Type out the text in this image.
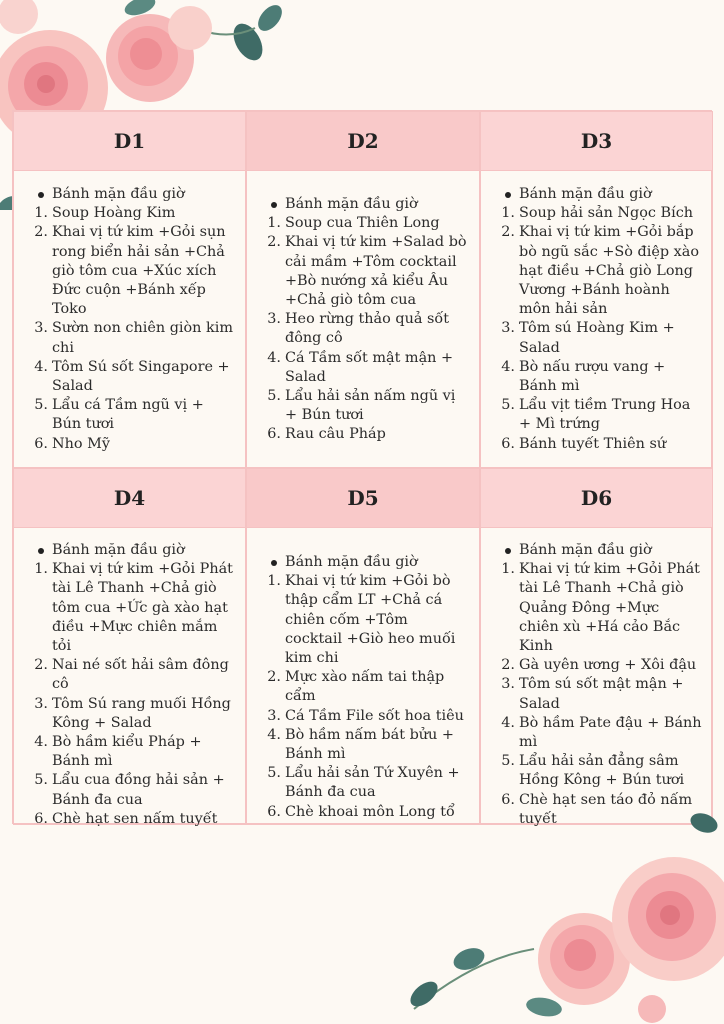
D1
Bánh mặn đầu giờ
Soup Hoàng Kim
Khai vị tứ kim +Gỏi sụn rong biển hải sản +Chả giò tôm cua +Xúc xích Đức cuộn +Bánh xếp Toko
Sườn non chiên giòn kim chi
Tôm Sú sốt Singapore + Salad
Lẩu cá Tầm ngũ vị + Bún tươi
Nho Mỹ
D2
Bánh mặn đầu giờ
Soup cua Thiên Long
Khai vị tứ kim +Salad bò cải mầm +Tôm cocktail +Bò nướng xả kiểu Âu +Chả giò tôm cua
Heo rừng thảo quả sốt đông cô
Cá Tầm sốt mật mận + Salad
Lẩu hải sản nấm ngũ vị + Bún tươi
Rau câu Pháp
D3
Bánh mặn đầu giờ
Soup hải sản Ngọc Bích
Khai vị tứ kim +Gỏi bắp bò ngũ sắc +Sò điệp xào hạt điều +Chả giò Long Vương +Bánh hoành môn hải sản
Tôm sú Hoàng Kim + Salad
Bò nấu rượu vang + Bánh mì
Lẩu vịt tiềm Trung Hoa + Mì trứng
Bánh tuyết Thiên sứ
D4
Bánh mặn đầu giờ
Khai vị tứ kim +Gỏi Phát tài Lê Thanh +Chả giò tôm cua +Ức gà xào hạt điều +Mực chiên mắm tỏi
Nai né sốt hải sâm đông cô
Tôm Sú rang muối Hồng Kông + Salad
Bò hầm kiểu Pháp + Bánh mì
Lẩu cua đồng hải sản + Bánh đa cua
Chè hạt sen nấm tuyết
D5
Bánh mặn đầu giờ
Khai vị tứ kim +Gỏi bò thập cẩm LT +Chả cá chiên cốm +Tôm cocktail +Giò heo muối kim chi
Mực xào nấm tai thập cẩm
Cá Tầm File sốt hoa tiêu
Bò hầm nấm bát bửu + Bánh mì
Lẩu hải sản Tứ Xuyên + Bánh đa cua
Chè khoai môn Long tổ
D6
Bánh mặn đầu giờ
Khai vị tứ kim +Gỏi Phát tài Lê Thanh +Chả giò Quảng Đông +Mực chiên xù +Há cảo Bắc Kinh
Gà uyên ương + Xôi đậu
Tôm sú sốt mật mận + Salad
Bò hầm Pate đậu + Bánh mì
Lẩu hải sản đẳng sâm Hồng Kông + Bún tươi
Chè hạt sen táo đỏ nấm tuyết
